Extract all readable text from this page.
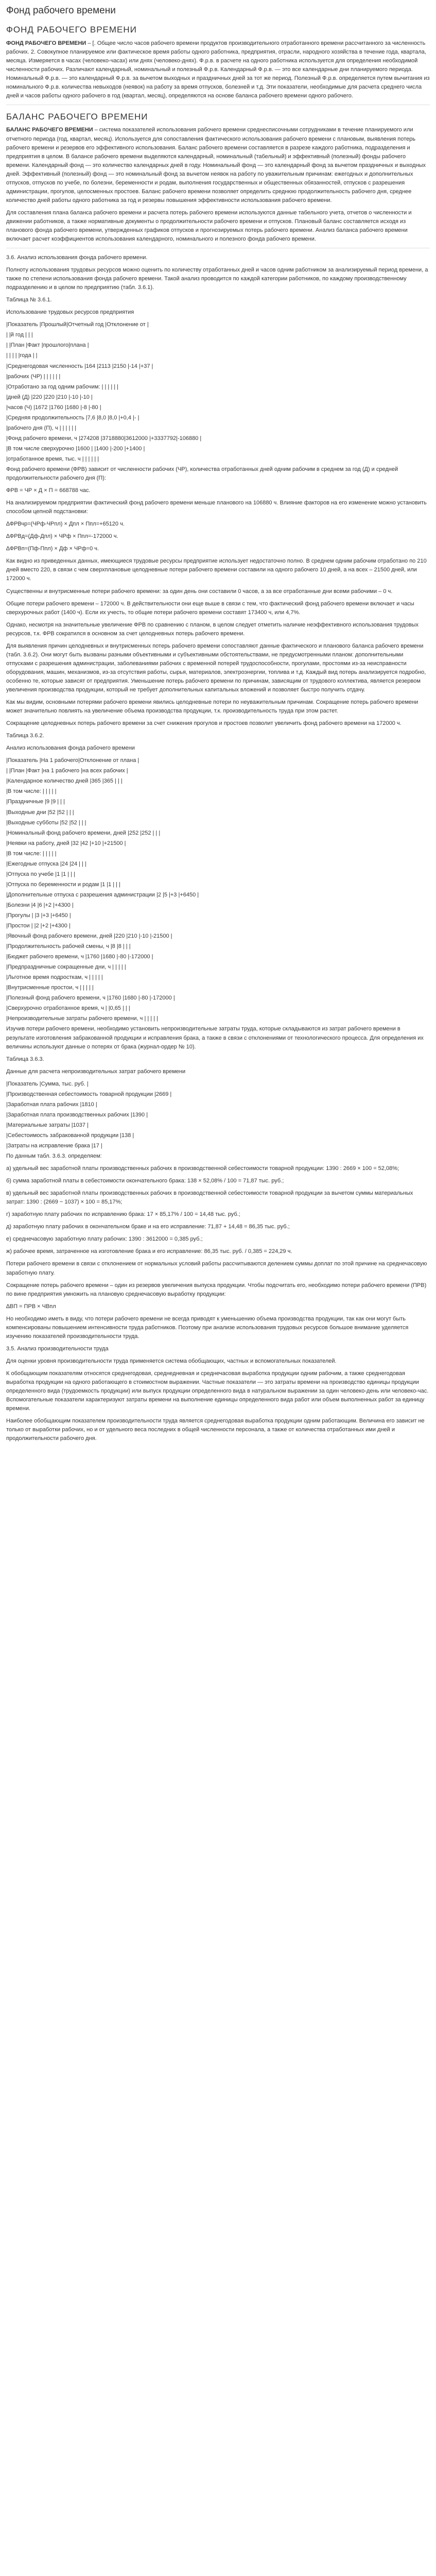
Фонд рабочего времени
ФОНД РАБОЧЕГО ВРЕМЕНИ

ФОНД РАБОЧЕГО ВРЕМЕНИ – [. Общее число часов рабочего времени продуктов производительного отработанного времени рассчитанного за численность рабочих. 2. Совокупное планируемое или фактическое время работы одного работника, предприятия, отрасли, народного хозяйства в течение года, квартала, месяца. Измеряется в часах (человеко-часах) или днях (человеко-днях). Ф.р.в. в расчете на одного работника используется для определения необходимой численности рабочих. Различают календарный, номинальный и полезный Ф.р.в. Календарный Ф.р.в. — это все календарные дни планируемого периода. Номинальный Ф.р.в. — это календарный Ф.р.в. за вычетом выходных и праздничных дней за тот же период. Полезный Ф.р.в. определяется путем вычитания из номинального Ф.р.в. количества невыходов (неявок) на работу за время отпусков, болезней и т.д. Эти показатели, необходимые для расчета среднего числа дней и часов работы одного рабочего в год (квартал, месяц), определяются на основе баланса рабочего времени одного рабочего.

БАЛАНС РАБОЧЕГО ВРЕМЕНИ

БАЛАНС РАБОЧЕГО ВРЕМЕНИ – система показателей использования рабочего времени среднесписочными сотрудниками в течение планируемого или отчетного периода (год, квартал, месяц). Используется для сопоставления фактического использования рабочего времени с плановым, выявления потерь рабочего времени и резервов его эффективного использования. Баланс рабочего времени составляется в разрезе каждого работника, подразделения и предприятия в целом. В балансе рабочего времени выделяются календарный, номинальный (табельный) и эффективный (полезный) фонды рабочего времени. Календарный фонд — это количество календарных дней в году. Номинальный фонд — это календарный фонд за вычетом праздничных и выходных дней. Эффективный (полезный) фонд — это номинальный фонд за вычетом неявок на работу по уважительным причинам: ежегодных и дополнительных отпусков, отпусков по учебе, по болезни, беременности и родам, выполнения государственных и общественных обязанностей, отпусков с разрешения администрации, прогулов, целосменных простоев. Баланс рабочего времени позволяет определить среднюю продолжительность рабочего дня, среднее количество дней работы одного работника за год и резервы повышения эффективности использования рабочего времени.

Для составления плана баланса рабочего времени и расчета потерь рабочего времени используются данные табельного учета, отчетов о численности и движении работников, а также нормативные документы о продолжительности рабочего времени и отпусков. Плановый баланс составляется исходя из планового фонда рабочего времени, утвержденных графиков отпусков и прогнозируемых потерь рабочего времени. Анализ баланса рабочего времени включает расчет коэффициентов использования календарного, номинального и полезного фонда рабочего времени.

3.6. Анализ использования фонда рабочего времени.

Полноту использования трудовых ресурсов можно оценить по количеству отработанных дней и часов одним работником за анализируемый период времени, а также по степени использования фонда рабочего времени. Такой анализ проводится по каждой категории работников, по каждому производственному подразделению и в целом по предприятию (табл. 3.6.1).

Таблица № 3.6.1.

Использование трудовых ресурсов предприятия

|Показатель |Прошлый|Отчетный год |Отклонение от |

| |й год | | |

| |План |Факт |прошлого|плана |

| | | | |года | |

|Среднегодовая численность |164 |2113 |2150 |-14 |+37 |

|рабочих (ЧР) | | | | | |

|Отработано за год одним рабочим: | | | | | |

|дней (Д) |220 |220 |210 |-10 |-10 |

|часов (Ч) |1672 |1760 |1680 |-8 |-80 |

|Средняя продолжительность |7,6 |8,0 |8,0 |+0,4 |- |

|рабочего дня (П), ч | | | | | |

|Фонд рабочего времени, ч |274208 |3718880|3612000 |+3337792|-106880 |

|В том числе сверхурочно |1600 | |1400 |-200 |+1400 |

|отработанное время, тыс. ч | | | | | |

Фонд рабочего времени (ФРВ) зависит от численности рабочих (ЧР), количества отработанных дней одним рабочим в среднем за год (Д) и средней продолжительности рабочего дня (П):

ФРВ = ЧР × Д × П = 668788 час.

На анализируемом предприятии фактический фонд рабочего времени меньше планового на 106880 ч. Влияние факторов на его изменение можно установить способом цепной подстановки:

∆ФРВчр=(ЧРф-ЧРпл) × Дпл × Ппл=+65120 ч.

∆ФРВд=(Дф-Дпл) × ЧРф × Ппл=-172000 ч.

∆ФРВп=(Пф-Ппл) × Дф × ЧРф=0 ч.

Как видно из приведенных данных, имеющиеся трудовые ресурсы предприятие использует недостаточно полно. В среднем одним рабочим отработано по 210 дней вместо 220, в связи с чем сверхплановые целодневные потери рабочего времени составили на одного рабочего 10 дней, а на всех – 21500 дней, или 172000 ч.

Существенны и внутрисменные потери рабочего времени: за один день они составили 0 часов, а за все отработанные дни всеми рабочими – 0 ч.

Общие потери рабочего времени – 172000 ч. В действительности они еще выше в связи с тем, что фактический фонд рабочего времени включает и часы сверхурочных работ (1400 ч). Если их учесть, то общие потери рабочего времени составят 173400 ч, или 4,7%.

Однако, несмотря на значительные увеличение ФРВ по сравнению с планом, в целом следует отметить наличие неэффективного использования трудовых ресурсов, т.к. ФРВ сократился в основном за счет целодневных потерь рабочего времени.

Для выявления причин целодневных и внутрисменных потерь рабочего времени сопоставляют данные фактического и планового баланса рабочего времени (табл. 3.6.2). Они могут быть вызваны разными объективными и субъективными обстоятельствами, не предусмотренными планом: дополнительными отпусками с разрешения администрации, заболеваниями рабочих с временной потерей трудоспособности, прогулами, простоями из-за неисправности оборудования, машин, механизмов, из-за отсутствия работы, сырья, материалов, электроэнергии, топлива и т.д. Каждый вид потерь анализируется подробно, особенно те, которые зависят от предприятия. Уменьшение потерь рабочего времени по причинам, зависящим от трудового коллектива, является резервом увеличения производства продукции, который не требует дополнительных капитальных вложений и позволяет быстро получить отдачу.

Как мы видим, основными потерями рабочего времени явились целодневные потери по неуважительным причинам. Сокращение потерь рабочего времени может значительно повлиять на увеличение объема производства продукции, т.к. производительность труда при этом растет.

Сокращение целодневных потерь рабочего времени за счет снижения прогулов и простоев позволит увеличить фонд рабочего времени на 172000 ч.

Таблица 3.6.2.

Анализ использования фонда рабочего времени

|Показатель |На 1 рабочего|Отклонение от плана |

| |План |Факт |на 1 рабочего |на всех рабочих |

|Календарное количество дней |365 |365 | | |

|В том числе: | | | | |

|Праздничные |9 |9 | | |

|Выходные дни |52 |52 | | |

|Выходные субботы |52 |52 | | |

|Номинальный фонд рабочего времени, дней |252 |252 | | |

|Неявки на работу, дней |32 |42 |+10 |+21500 |

|В том числе: | | | | |

|Ежегодные отпуска |24 |24 | | |

|Отпуска по учебе |1 |1 | | |

|Отпуска по беременности и родам |1 |1 | | |

|Дополнительные отпуска с разрешения администрации |2 |5 |+3 |+6450 |

|Болезни |4 |6 |+2 |+4300 |

|Прогулы | |3 |+3 |+6450 |

|Простои | |2 |+2 |+4300 |

|Явочный фонд рабочего времени, дней |220 |210 |-10 |-21500 |

|Продолжительность рабочей смены, ч |8 |8 | | |

|Бюджет рабочего времени, ч |1760 |1680 |-80 |-172000 |

|Предпраздничные сокращенные дни, ч | | | | |

|Льготное время подросткам, ч | | | | |

|Внутрисменные простои, ч | | | | |

|Полезный фонд рабочего времени, ч |1760 |1680 |-80 |-172000 |

|Сверхурочно отработанное время, ч | |0,65 | | |

|Непроизводительные затраты рабочего времени, ч | | | | |

Изучив потери рабочего времени, необходимо установить непроизводительные затраты труда, которые складываются из затрат рабочего времени в результате изготовления забракованной продукции и исправления брака, а также в связи с отклонениями от технологического процесса. Для определения их величины используют данные о потерях от брака (журнал-ордер № 10).

Таблица 3.6.3.

Данные для расчета непроизводительных затрат рабочего времени

|Показатель |Сумма, тыс. руб. |

|Производственная себестоимость товарной продукции |2669 |

|Заработная плата рабочих |1810 |

|Заработная плата производственных рабочих |1390 |

|Материальные затраты |1037 |

|Себестоимость забракованной продукции |138 |

|Затраты на исправление брака |17 |

По данным табл. 3.6.3. определяем:

а) удельный вес заработной платы производственных рабочих в производственной себестоимости товарной продукции: 1390 : 2669 × 100 = 52,08%;

б) сумма заработной платы в себестоимости окончательного брака: 138 × 52,08% / 100 = 71,87 тыс. руб.;

в) удельный вес заработной платы производственных рабочих в производственной себестоимости товарной продукции за вычетом суммы материальных затрат: 1390 : (2669 − 1037) × 100 = 85,17%;

г) заработную плату рабочих по исправлению брака: 17 × 85,17% / 100 = 14,48 тыс. руб.;

д) заработную плату рабочих в окончательном браке и на его исправление: 71,87 + 14,48 = 86,35 тыс. руб.;

е) среднечасовую заработную плату рабочих: 1390 : 3612000 = 0,385 руб.;

ж) рабочее время, затраченное на изготовление брака и его исправление: 86,35 тыс. руб. / 0,385 = 224,29 ч.

Потери рабочего времени в связи с отклонением от нормальных условий работы рассчитываются делением суммы доплат по этой причине на среднечасовую заработную плату.

Сокращение потерь рабочего времени – один из резервов увеличения выпуска продукции. Чтобы подсчитать его, необходимо потери рабочего времени (ПРВ) по вине предприятия умножить на плановую среднечасовую выработку продукции:

∆ВП = ПРВ × ЧВпл

Но необходимо иметь в виду, что потери рабочего времени не всегда приводят к уменьшению объема производства продукции, так как они могут быть компенсированы повышением интенсивности труда работников. Поэтому при анализе использования трудовых ресурсов большое внимание уделяется изучению показателей производительности труда.

3.5. Анализ производительности труда

Для оценки уровня производительности труда применяется система обобщающих, частных и вспомогательных показателей.

К обобщающим показателям относятся среднегодовая, среднедневная и среднечасовая выработка продукции одним рабочим, а также среднегодовая выработка продукции на одного работающего в стоимостном выражении. Частные показатели — это затраты времени на производство единицы продукции определенного вида (трудоемкость продукции) или выпуск продукции определенного вида в натуральном выражении за один человеко-день или человеко-час. Вспомогательные показатели характеризуют затраты времени на выполнение единицы определенного вида работ или объем выполненных работ за единицу времени.

Наиболее обобщающим показателем производительности труда является среднегодовая выработка продукции одним работающим. Величина его зависит не только от выработки рабочих, но и от удельного веса последних в общей численности персонала, а также от количества отработанных ими дней и продолжительности рабочего дня.
